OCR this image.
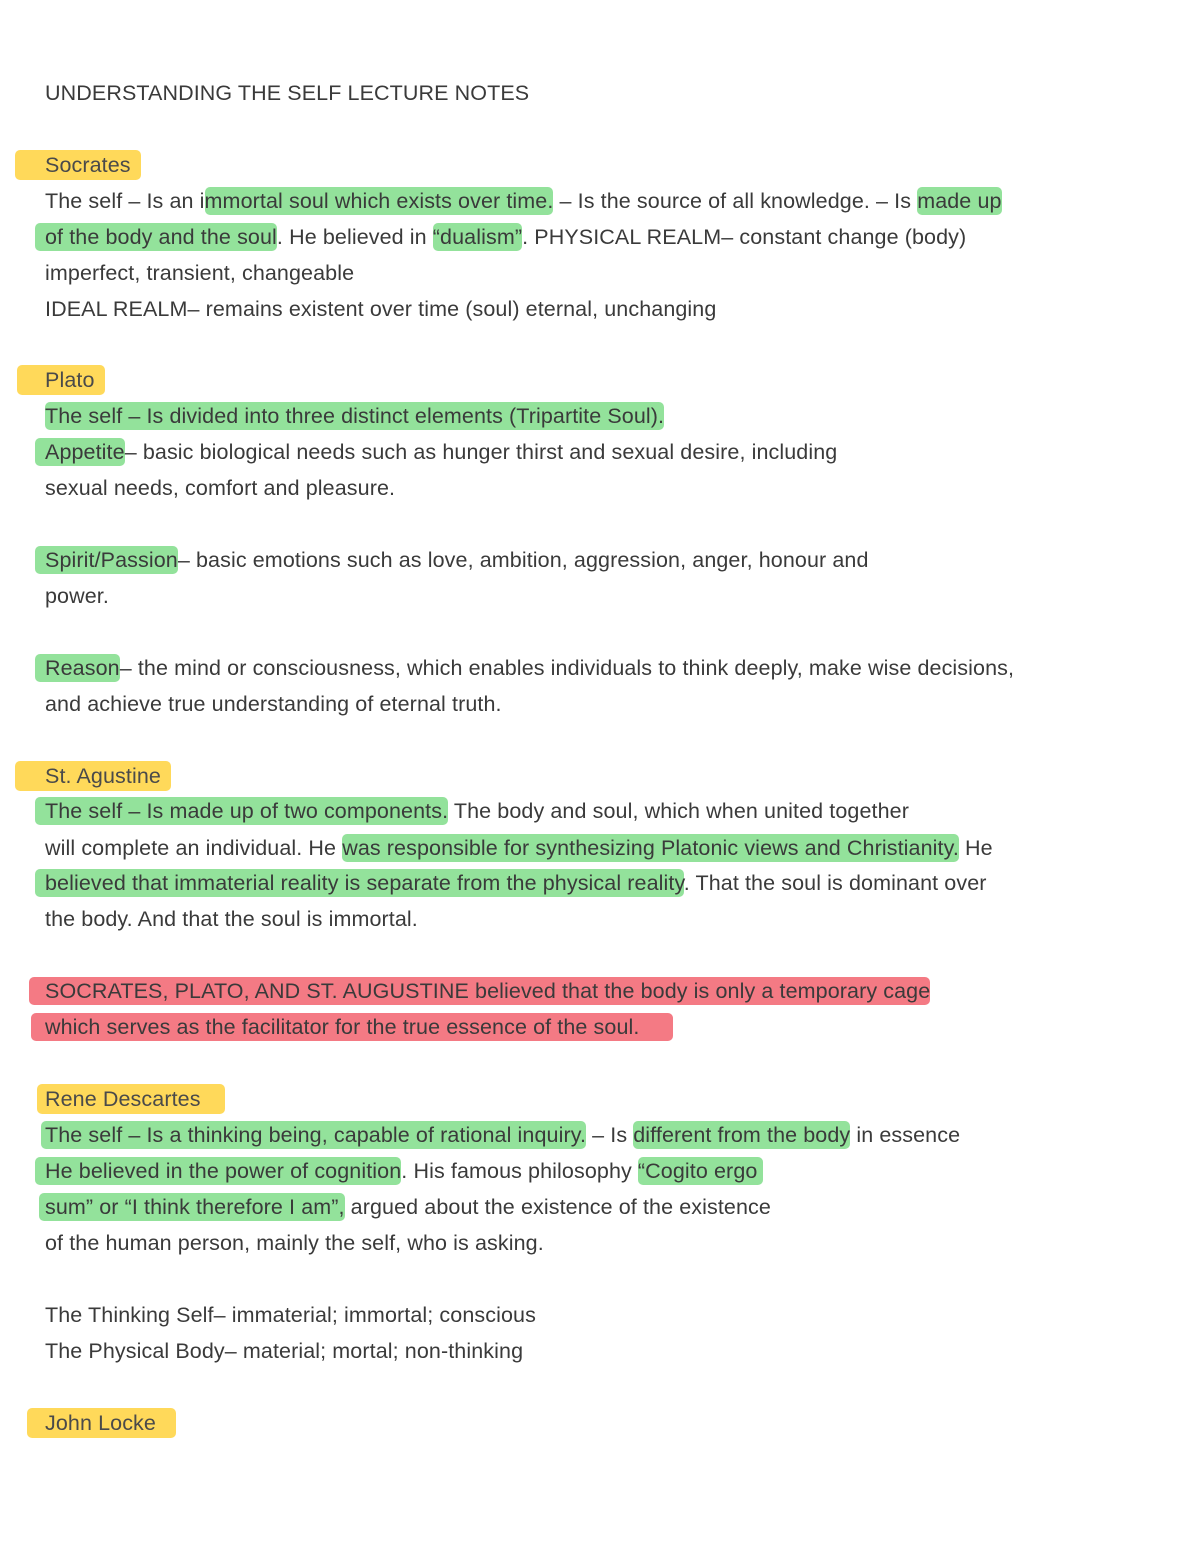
UNDERSTANDING THE SELF LECTURE NOTES
Socrates
The self – Is an immortal soul which exists over time. – Is the source of all knowledge. – Is made up
of the body and the soul. He believed in “dualism”. PHYSICAL REALM– constant change (body)
imperfect, transient, changeable
IDEAL REALM– remains existent over time (soul) eternal, unchanging
Plato
The self – Is divided into three distinct elements (Tripartite Soul).
Appetite– basic biological needs such as hunger thirst and sexual desire, including
sexual needs, comfort and pleasure.
Spirit/Passion– basic emotions such as love, ambition, aggression, anger, honour and
power.
Reason– the mind or consciousness, which enables individuals to think deeply, make wise decisions,
and achieve true understanding of eternal truth.
St. Agustine
The self – Is made up of two components. The body and soul, which when united together
will complete an individual. He was responsible for synthesizing Platonic views and Christianity. He
believed that immaterial reality is separate from the physical reality. That the soul is dominant over
the body. And that the soul is immortal.
SOCRATES, PLATO, AND ST. AUGUSTINE believed that the body is only a temporary cage
which serves as the facilitator for the true essence of the soul.
Rene Descartes
The self – Is a thinking being, capable of rational inquiry. – Is different from the body in essence
He believed in the power of cognition. His famous philosophy “Cogito ergo
sum” or “I think therefore I am”, argued about the existence of the existence
of the human person, mainly the self, who is asking.
The Thinking Self– immaterial; immortal; conscious
The Physical Body– material; mortal; non-thinking
John Locke
